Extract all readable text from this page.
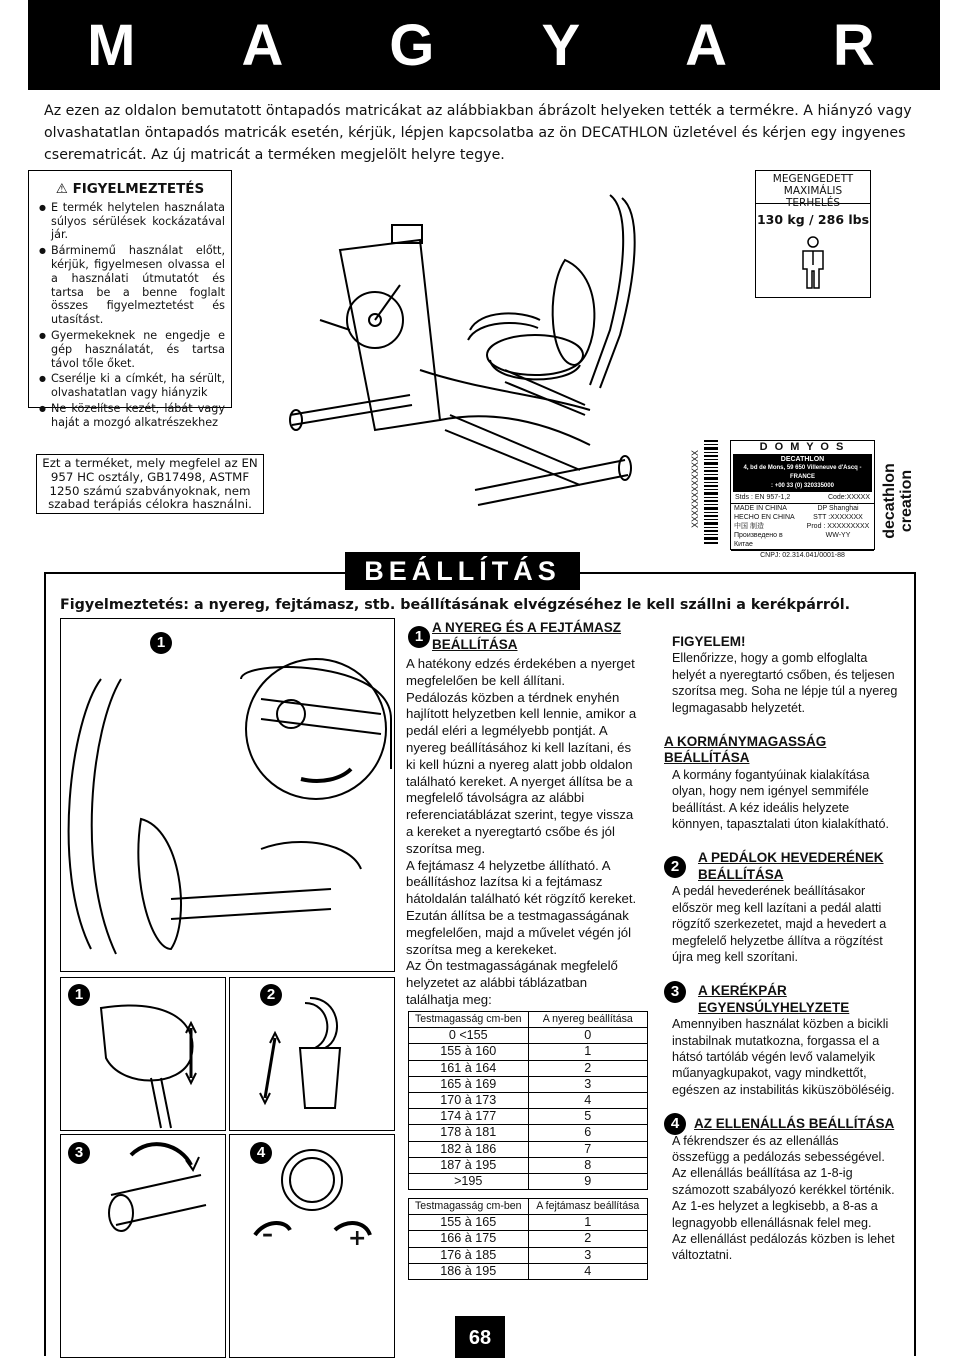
M A G Y A R
Az ezen az oldalon bemutatott öntapadós matricákat az alábbiakban ábrázolt helyeken tették a termékre. A hiányzó vagy olvashatatlan öntapadós matricák esetén, kérjük, lépjen kapcsolatba az ön DECATHLON üzletével és kérjen egy ingyenes cserematricát. Az új matricát a terméken megjelölt helyre tegye.
⚠ FIGYELMEZTETÉS
● E termék helytelen használata súlyos sérülések kockázatával jár.
● Bárminemű használat előtt, kérjük, figyelmesen olvassa el a használati útmutatót és tartsa be a benne foglalt összes figyelmeztetést és utasítást.
● Gyermekeknek ne engedje e gép használatát, és tartsa távol tőle őket.
● Cserélje ki a címkét, ha sérült, olvashatatlan vagy hiányzik
● Ne közelítse kezét, lábát vagy haját a mozgó alkatrészekhez
MEGENGEDETT MAXIMÁLIS TERHELÉS
130 kg / 286 lbs
Ezt a terméket, mely megfelel az EN 957 HC osztály, GB17498, ASTMF 1250 számú szabványoknak, nem szabad terápiás célokra használni.	XXXXXXXXXXXXX
D O M Y O S
DECATHLON
4, bd de Mons, 59 650 Villeneuve d'Ascq - FRANCE
: +00 33 (0) 320335000
Stds : EN 957-1,2	Code:XXXXX
MADE IN CHINA
HECHO EN CHINA
中国 制造
Произведено в Китае
DP Shanghai
STT :XXXXXXX
Prod : XXXXXXXXX
WW-YY
CNPJ: 02.314.041/0001-88
decathlon creation
BEÁLLÍTÁS
Figyelmeztetés: a nyereg, fejtámasz, stb. beállításának elvégzéséhez le kell szállni a kerékpárról.
1
1	2
3	4
–	+
1
A NYEREG ÉS A FEJTÁMASZ BEÁLLÍTÁSA

A hatékony edzés érdekében a nyerget megfelelően be kell állítani.

Pedálozás közben a térdnek enyhén hajlított helyzetben kell lennie, amikor a pedál eléri a legmélyebb pontját. A nyereg beállításához ki kell lazítani, és ki kell húzni a nyereg alatt jobb oldalon található kereket. A nyerget állítsa be a megfelelő távolságra az alábbi referenciatáblázat szerint, tegye vissza a kereket a nyeregtartó csőbe és jól szorítsa meg.

A fejtámasz 4 helyzetbe állítható. A beállításhoz lazítsa ki a fejtámasz hátoldalán található két rögzítő kereket. Ezután állítsa be a testmagasságának megfelelően, majd a művelet végén jól szorítsa meg a kerekeket.

Az Ön testmagasságának megfelelő helyzetet az alábbi táblázatban találhatja meg:

Testmagasság cm-ben	A nyereg beállítása
0 <155	0
155 à 160	1
161 à 164	2
165 à 169	3
170 à 173	4
174 à 177	5
178 à 181	6
182 à 186	7
187 à 195	8
>195	9
Testmagasság cm-ben	A fejtámasz beállítása
155 à 165	1
166 à 175	2
176 à 185	3
186 à 195	4
FIGYELEM!

Ellenőrizze, hogy a gomb elfoglalta helyét a nyeregtartó csőben, és teljesen szorítsa meg. Soha ne lépje túl a nyereg legmagasabb helyzetét.

A KORMÁNYMAGASSÁG BEÁLLÍTÁSA

A kormány fogantyúinak kialakítása olyan, hogy nem igényel semmiféle beállítást. A kéz ideális helyzete könnyen, tapasztalati úton kialakítható.

2
A PEDÁLOK HEVEDERÉNEK BEÁLLÍTÁSA

A pedál hevederének beállításakor először meg kell lazítani a pedál alatti rögzítő szerkezetet, majd a hevedert a megfelelő helyzetbe állítva a rögzítést újra meg kell szorítani.

3	A KERÉKPÁR EGYENSÚLYHELYZETE

Amennyiben használat közben a bicikli instabilnak mutatkozna, forgassa el a hátsó tartóláb végén levő valamelyik műanyagkupakot, vagy mindkettőt, egészen az instabilitás kiküszöböléséig.

4	AZ ELLENÁLLÁS BEÁLLÍTÁSA

A fékrendszer és az ellenállás összefügg a pedálozás sebességével.

Az ellenállás beállítása az 1-8-ig számozott szabályozó kerékkel történik.

Az 1-es helyzet a legkisebb, a 8-as a legnagyobb ellenállásnak felel meg.

Az ellenállást pedálozás közben is lehet változtatni.

68
